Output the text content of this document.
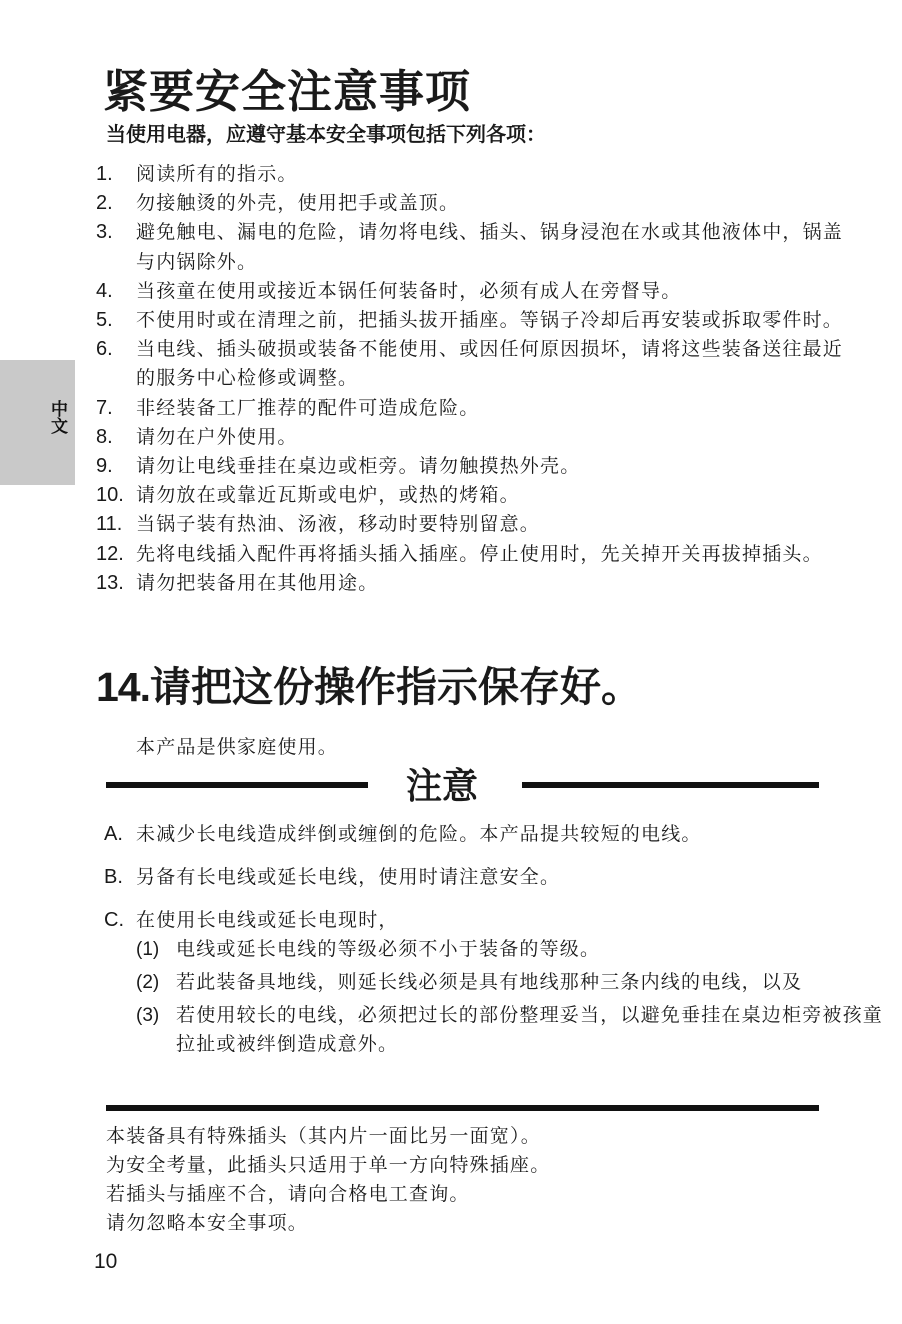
中文
紧要安全注意事项
当使用电器，应遵守基本安全事项包括下列各项：
1. 阅读所有的指示。
2. 勿接触烫的外壳，使用把手或盖顶。
3. 避免触电、漏电的危险，请勿将电线、插头、锅身浸泡在水或其他液体中，锅盖与内锅除外。
4. 当孩童在使用或接近本锅任何装备时，必须有成人在旁督导。
5. 不使用时或在清理之前，把插头拔开插座。等锅子冷却后再安装或拆取零件时。
6. 当电线、插头破损或装备不能使用、或因任何原因损坏，请将这些装备送往最近的服务中心检修或调整。
7. 非经装备工厂推荐的配件可造成危险。
8. 请勿在户外使用。
9. 请勿让电线垂挂在桌边或柜旁。请勿触摸热外壳。
10. 请勿放在或靠近瓦斯或电炉，或热的烤箱。
11. 当锅子装有热油、汤液，移动时要特别留意。
12. 先将电线插入配件再将插头插入插座。停止使用时，先关掉开关再拔掉插头。
13. 请勿把装备用在其他用途。

14.请把这份操作指示保存好。

本产品是供家庭使用。

注意
A. 未减少长电线造成绊倒或缠倒的危险。本产品提共较短的电线。
B. 另备有长电线或延长电线，使用时请注意安全。
C. 在使用长电线或延长电现时，
(1) 电线或延长电线的等级必须不小于装备的等级。
(2) 若此装备具地线，则延长线必须是具有地线那种三条内线的电线，以及
(3) 若使用较长的电线，必须把过长的部份整理妥当，以避免垂挂在桌边柜旁被孩童拉扯或被绊倒造成意外。

本装备具有特殊插头（其内片一面比另一面宽）。

为安全考量，此插头只适用于单一方向特殊插座。

若插头与插座不合，请向合格电工查询。

请勿忽略本安全事项。

10
